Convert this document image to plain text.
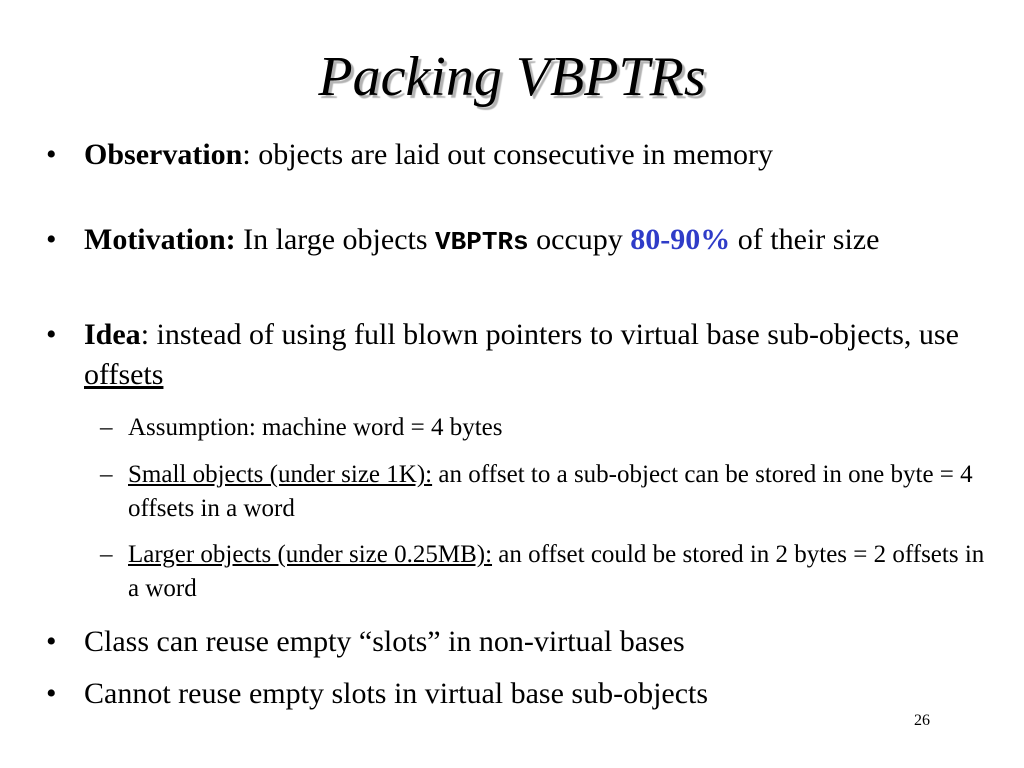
Packing VBPTRs
• Observation: objects are laid out consecutive in memory
• Motivation: In large objects VBPTRs occupy 80-90% of their size
• Idea: instead of using full blown pointers to virtual base sub-objects, use offsets
– Assumption: machine word = 4 bytes
– Small objects (under size 1K): an offset to a sub-object can be stored in one byte = 4 offsets in a word
– Larger objects (under size 0.25MB): an offset could be stored in 2 bytes = 2 offsets in a word
• Class can reuse empty “slots” in non-virtual bases
• Cannot reuse empty slots in virtual base sub-objects
26
